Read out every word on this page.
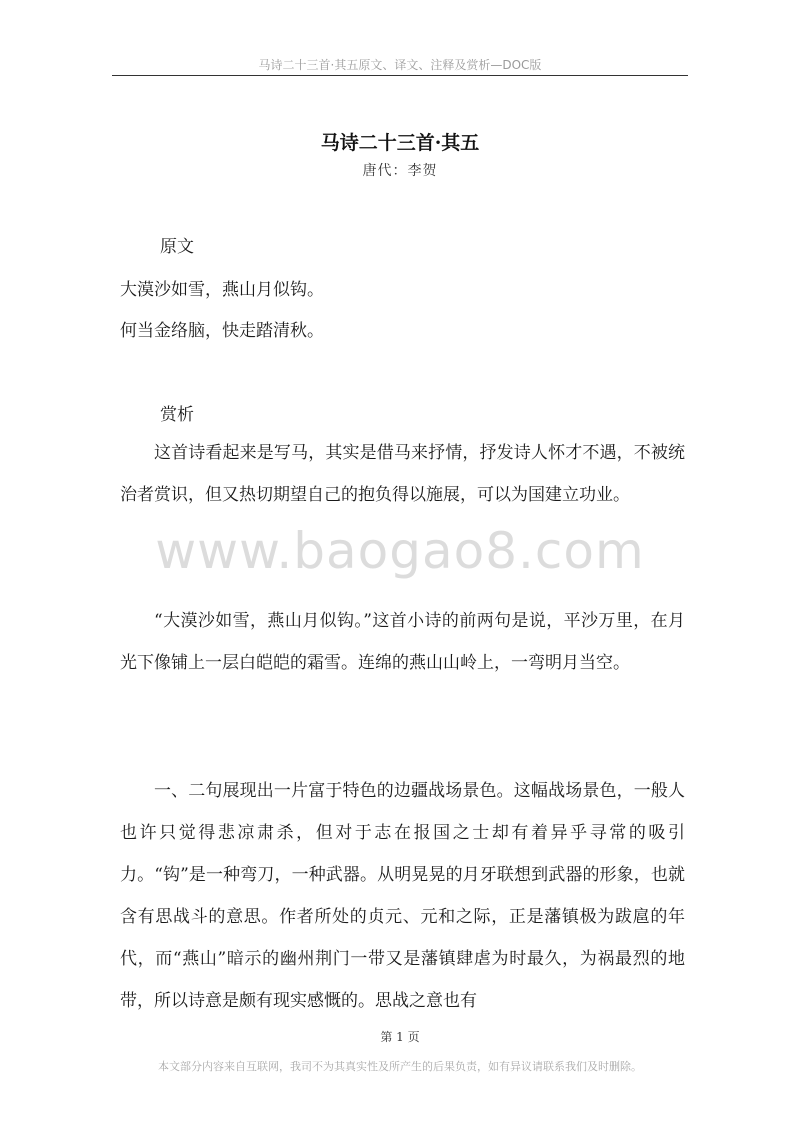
马诗二十三首·其五原文、译文、注释及赏析—DOC版
马诗二十三首·其五
唐代：李贺
原文
大漠沙如雪，燕山月似钩。
何当金络脑，快走踏清秋。
赏析

这首诗看起来是写马，其实是借马来抒情，抒发诗人怀才不遇，不被统治者赏识，但又热切期望自己的抱负得以施展，可以为国建立功业。

“大漠沙如雪，燕山月似钩。”这首小诗的前两句是说，平沙万里，在月光下像铺上一层白皑皑的霜雪。连绵的燕山山岭上，一弯明月当空。

一、二句展现出一片富于特色的边疆战场景色。这幅战场景色，一般人也许只觉得悲凉肃杀，但对于志在报国之士却有着异乎寻常的吸引力。“钩”是一种弯刀，一种武器。从明晃晃的月牙联想到武器的形象，也就含有思战斗的意思。作者所处的贞元、元和之际，正是藩镇极为跋扈的年代，而“燕山”暗示的幽州荆门一带又是藩镇肆虐为时最久，为祸最烈的地带，所以诗意是颇有现实感慨的。思战之意也有

www.baogao8.com
第 1 页
本文部分内容来自互联网，我司不为其真实性及所产生的后果负责，如有异议请联系我们及时删除。
